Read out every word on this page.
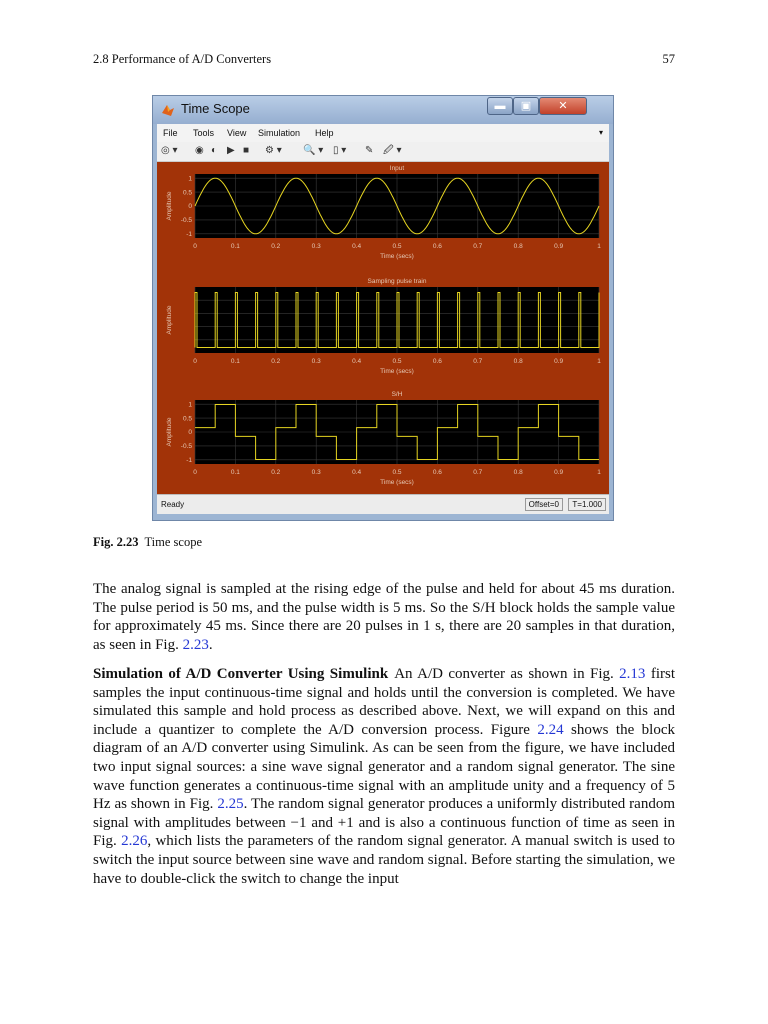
2.8 Performance of A/D Converters	57
Time Scope	▬	▣	✕
File Tools View Simulation Help	▾
◎ ▾ ◉ ◐ ▶ ■ ⚙ ▾ 🔍 ▾ ▯ ▾ ✎ 🖉 ▾
Input
0	0.1	0.2	0.3	0.4	0.5	0.6	0.7	0.8	0.9	1
1
0.5
0
-0.5
-1
Time (secs)
Amplitude
Sampling pulse train
0	0.1	0.2	0.3	0.4	0.5	0.6	0.7	0.8	0.9	1
Time (secs)
Amplitude
S/H
0	0.1	0.2	0.3	0.4	0.5	0.6	0.7	0.8	0.9	1
1
0.5
0
-0.5
-1
Time (secs)
Amplitude
Ready	Offset=0	T=1.000
Fig. 2.23 Time scope

The analog signal is sampled at the rising edge of the pulse and held for about 45 ms duration. The pulse period is 50 ms, and the pulse width is 5 ms. So the S/H block holds the sample value for approximately 45 ms. Since there are 20 pulses in 1 s, there are 20 samples in that duration, as seen in Fig. 2.23.

Simulation of A/D Converter Using Simulink An A/D converter as shown in Fig. 2.13 first samples the input continuous-time signal and holds until the conversion is completed. We have simulated this sample and hold process as described above. Next, we will expand on this and include a quantizer to complete the A/D conversion process. Figure 2.24 shows the block diagram of an A/D converter using Simulink. As can be seen from the figure, we have included two input signal sources: a sine wave signal generator and a random signal generator. The sine wave function generates a continuous-time signal with an amplitude unity and a frequency of 5 Hz as shown in Fig. 2.25. The random signal generator produces a uniformly distributed random signal with amplitudes between −1 and +1 and is also a continuous function of time as seen in Fig. 2.26, which lists the parameters of the random signal generator. A manual switch is used to switch the input source between sine wave and random signal. Before starting the simulation, we have to double-click the switch to change the input
